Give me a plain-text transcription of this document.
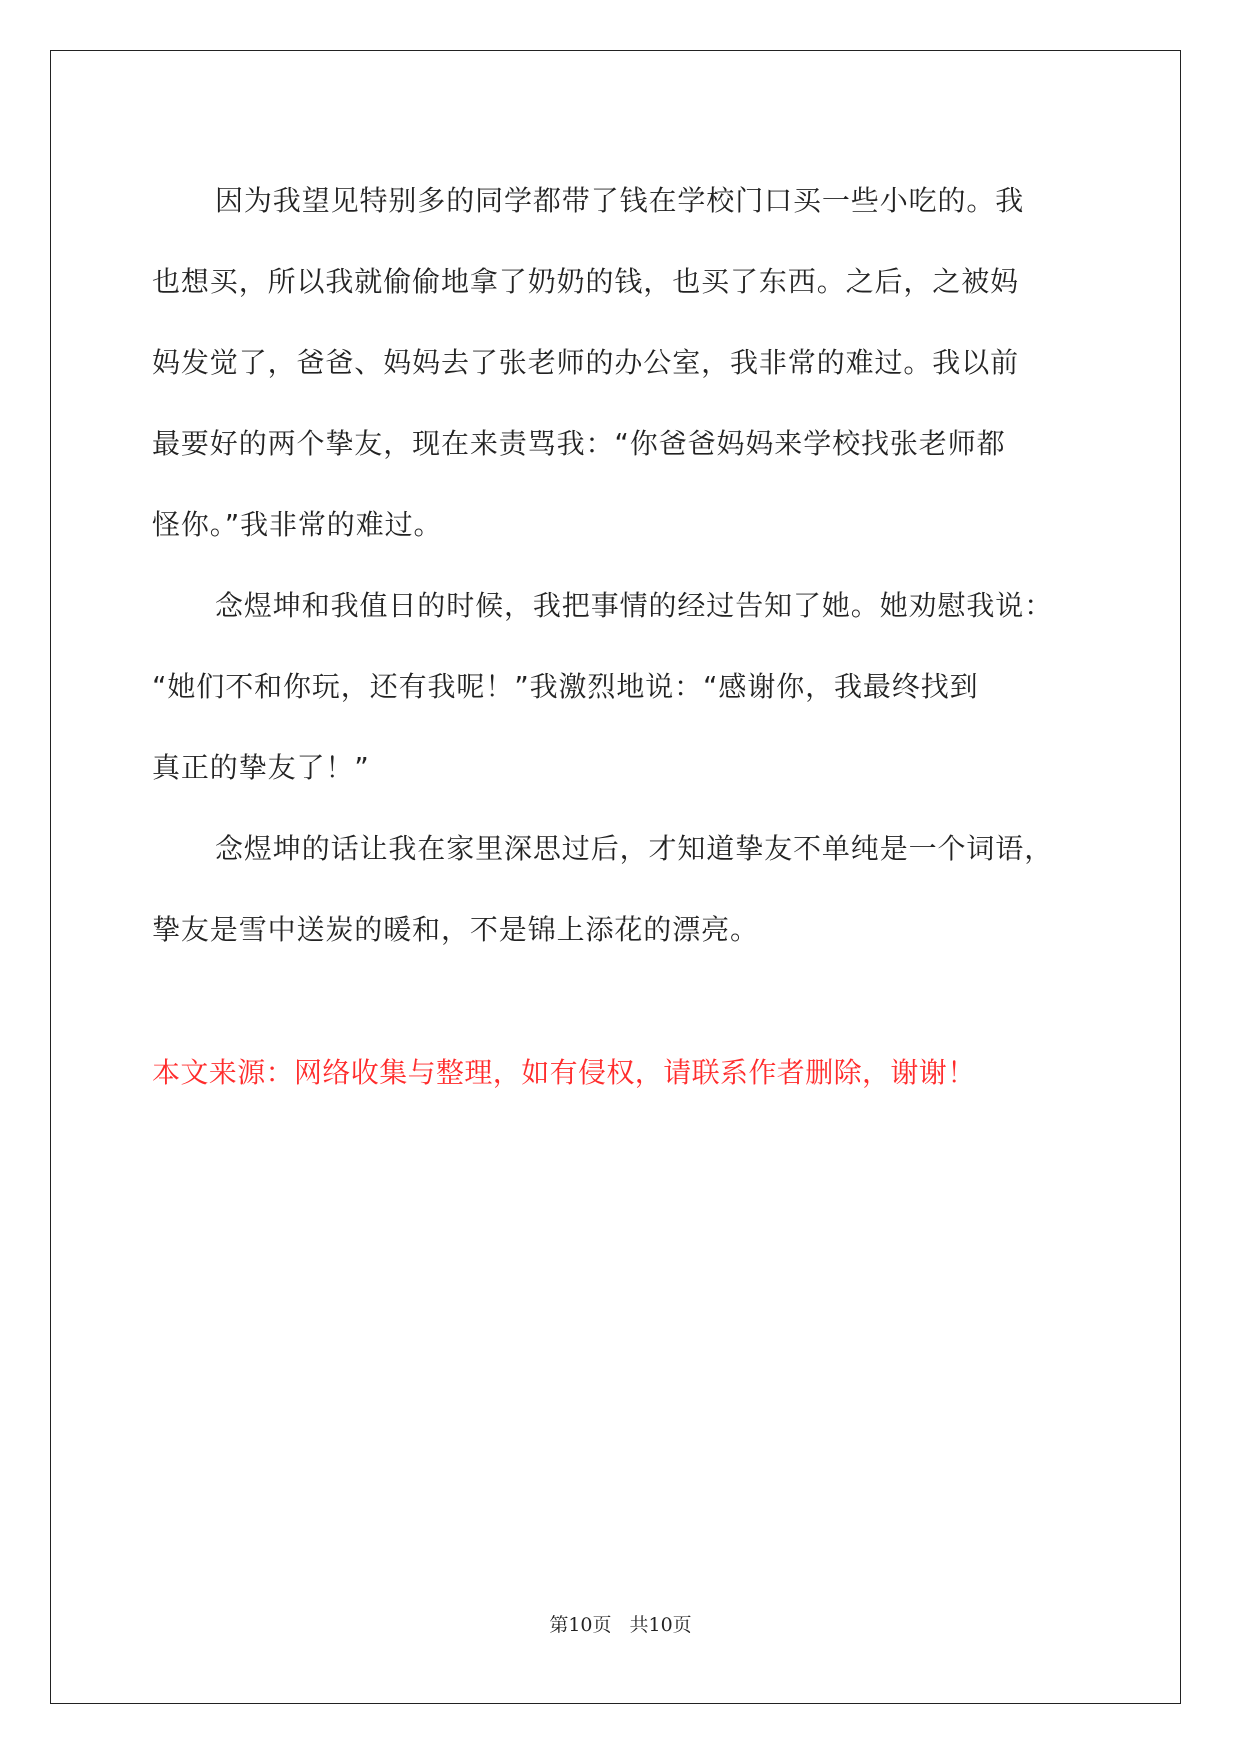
因为我望见特别多的同学都带了钱在学校门口买一些小吃的。我
也想买，所以我就偷偷地拿了奶奶的钱，也买了东西。之后，之被妈
妈发觉了，爸爸、妈妈去了张老师的办公室，我非常的难过。我以前
最要好的两个挚友，现在来责骂我：“你爸爸妈妈来学校找张老师都
怪你。”我非常的难过。
念煜坤和我值日的时候，我把事情的经过告知了她。她劝慰我说：
“她们不和你玩，还有我呢！”我激烈地说：“感谢你，我最终找到
真正的挚友了！”
念煜坤的话让我在家里深思过后，才知道挚友不单纯是一个词语，
挚友是雪中送炭的暖和，不是锦上添花的漂亮。
本文来源：网络收集与整理，如有侵权，请联系作者删除，谢谢！
第10页 共10页
